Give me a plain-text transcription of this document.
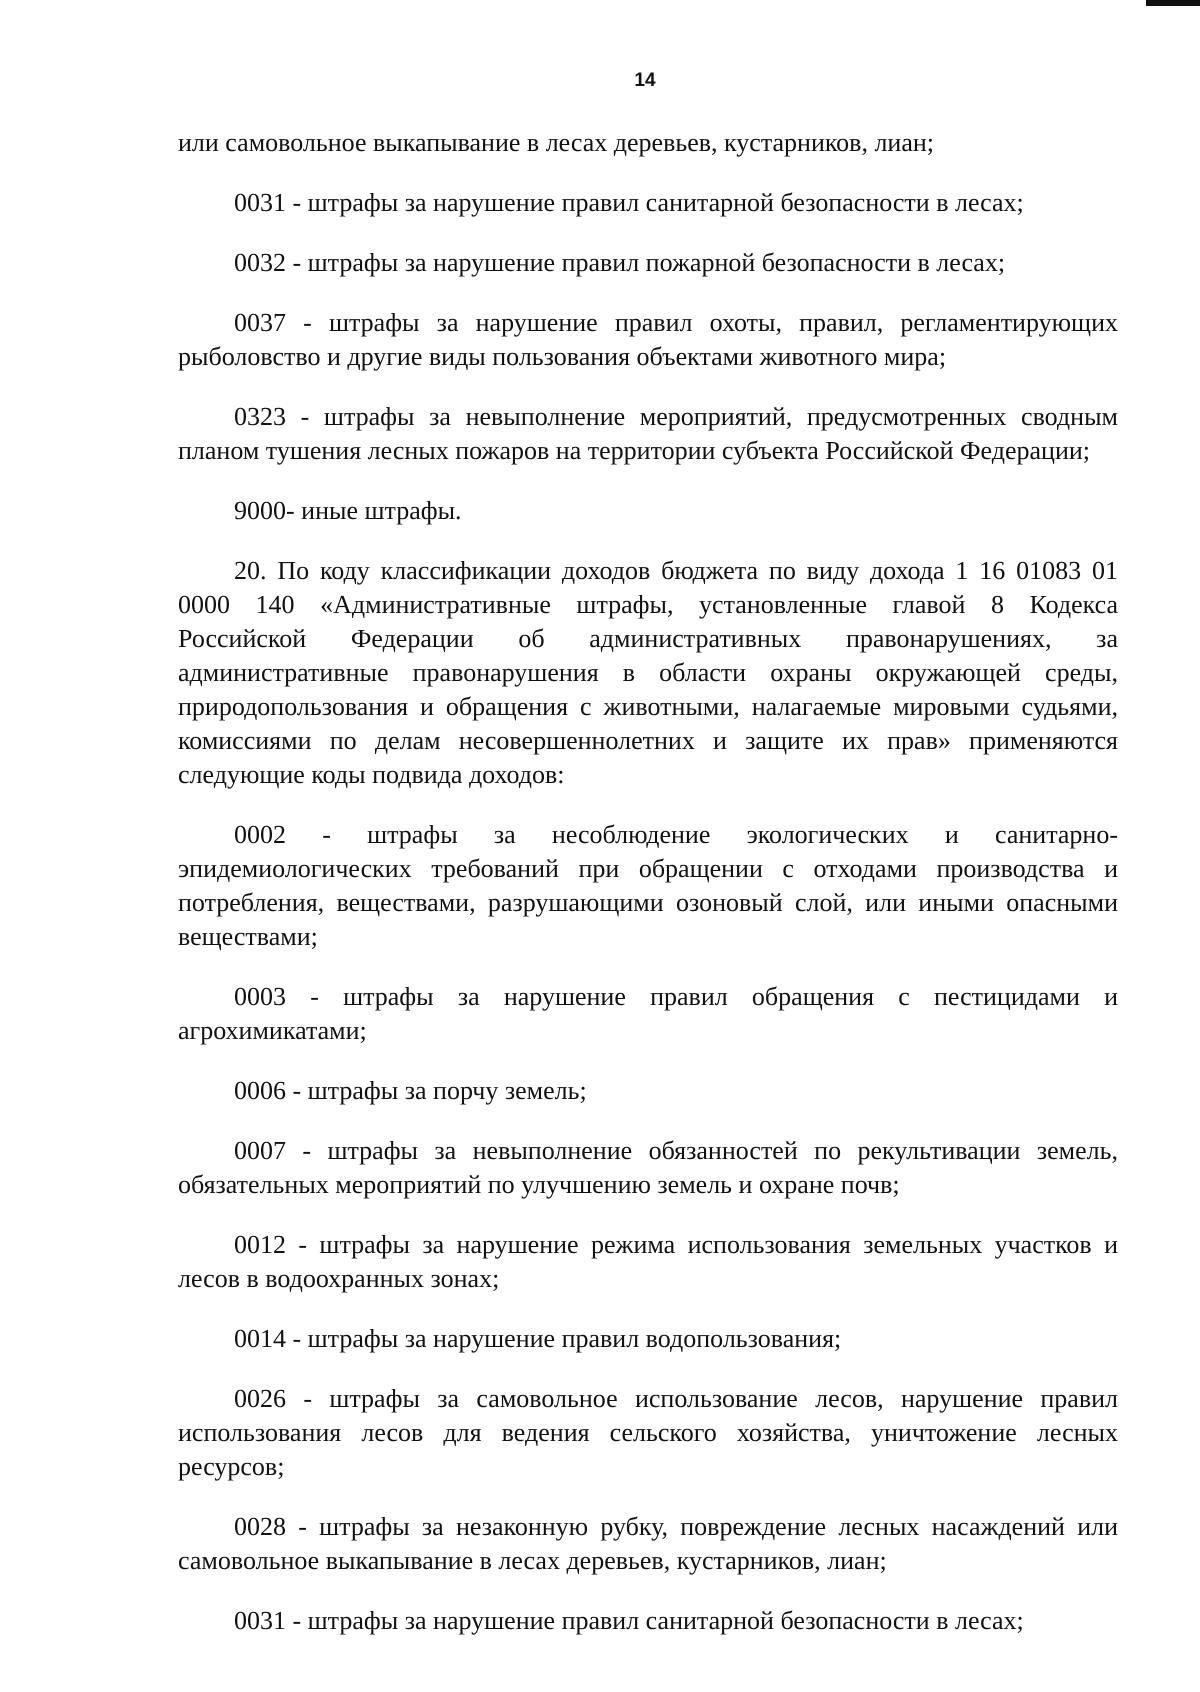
14

или самовольное выкапывание в лесах деревьев, кустарников, лиан;

0031 - штрафы за нарушение правил санитарной безопасности в лесах;

0032 - штрафы за нарушение правил пожарной безопасности в лесах;

0037 - штрафы за нарушение правил охоты, правил, регламентирующих рыболовство и другие виды пользования объектами животного мира;

0323 - штрафы за невыполнение мероприятий, предусмотренных сводным планом тушения лесных пожаров на территории субъекта Российской Федерации;

9000- иные штрафы.

20. По коду классификации доходов бюджета по виду дохода 1 16 01083 01 0000 140 «Административные штрафы, установленные главой 8 Кодекса Российской Федерации об административных правонарушениях, за административные правонарушения в области охраны окружающей среды, природопользования и обращения с животными, налагаемые мировыми судьями, комиссиями по делам несовершеннолетних и защите их прав» применяются следующие коды подвида доходов:

0002 - штрафы за несоблюдение экологических и санитарно-эпидемиологических требований при обращении с отходами производства и потребления, веществами, разрушающими озоновый слой, или иными опасными веществами;

0003 - штрафы за нарушение правил обращения с пестицидами и агрохимикатами;

0006 - штрафы за порчу земель;

0007 - штрафы за невыполнение обязанностей по рекультивации земель, обязательных мероприятий по улучшению земель и охране почв;

0012 - штрафы за нарушение режима использования земельных участков и лесов в водоохранных зонах;

0014 - штрафы за нарушение правил водопользования;

0026 - штрафы за самовольное использование лесов, нарушение правил использования лесов для ведения сельского хозяйства, уничтожение лесных ресурсов;

0028 - штрафы за незаконную рубку, повреждение лесных насаждений или самовольное выкапывание в лесах деревьев, кустарников, лиан;

0031 - штрафы за нарушение правил санитарной безопасности в лесах;
